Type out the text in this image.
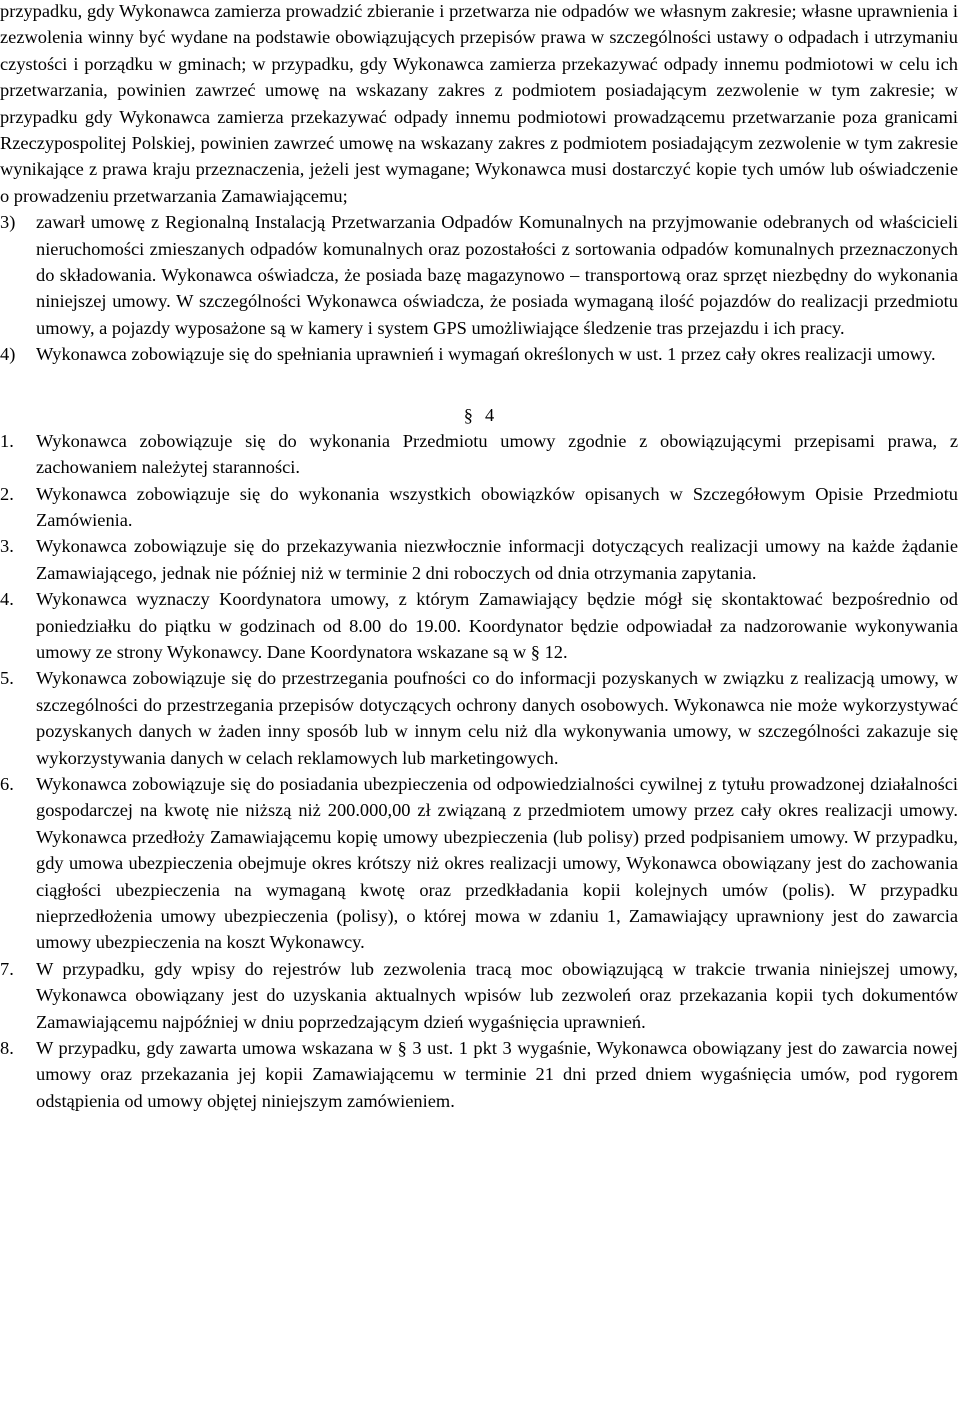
przypadku, gdy Wykonawca zamierza prowadzić zbieranie i przetwarza nie odpadów we własnym zakresie; własne uprawnienia i zezwolenia winny być wydane na podstawie obowiązujących przepisów prawa w szczególności ustawy o odpadach i utrzymaniu czystości i porządku w gminach; w przypadku, gdy Wykonawca zamierza przekazywać odpady innemu podmiotowi w celu ich przetwarzania, powinien zawrzeć umowę na wskazany zakres z podmiotem posiadającym zezwolenie w tym zakresie; w przypadku gdy Wykonawca zamierza przekazywać odpady innemu podmiotowi prowadzącemu przetwarzanie poza granicami Rzeczypospolitej Polskiej, powinien zawrzeć umowę na wskazany zakres z podmiotem posiadającym zezwolenie w tym zakresie wynikające z prawa kraju przeznaczenia, jeżeli jest wymagane; Wykonawca musi dostarczyć kopie tych umów lub oświadczenie o prowadzeniu przetwarzania Zamawiającemu;

3)	zawarł umowę z Regionalną Instalacją Przetwarzania Odpadów Komunalnych na przyjmowanie odebranych od właścicieli nieruchomości zmieszanych odpadów komunalnych oraz pozostałości z sortowania odpadów komunalnych przeznaczonych do składowania. Wykonawca oświadcza, że posiada bazę magazynowo – transportową oraz sprzęt niezbędny do wykonania niniejszej umowy. W szczególności Wykonawca oświadcza, że posiada wymaganą ilość pojazdów do realizacji przedmiotu umowy, a pojazdy wyposażone są w kamery i system GPS umożliwiające śledzenie tras przejazdu i ich pracy.
4)	Wykonawca zobowiązuje się do spełniania uprawnień i wymagań określonych w ust. 1 przez cały okres realizacji umowy.

§ 4

1.	Wykonawca zobowiązuje się do wykonania Przedmiotu umowy zgodnie z obowiązującymi przepisami prawa, z zachowaniem należytej staranności.
2.	Wykonawca zobowiązuje się do wykonania wszystkich obowiązków opisanych w Szczegółowym Opisie Przedmiotu Zamówienia.
3.	Wykonawca zobowiązuje się do przekazywania niezwłocznie informacji dotyczących realizacji umowy na każde żądanie Zamawiającego, jednak nie później niż w terminie 2 dni roboczych od dnia otrzymania zapytania.
4.	Wykonawca wyznaczy Koordynatora umowy, z którym Zamawiający będzie mógł się skontaktować bezpośrednio od poniedziałku do piątku w godzinach od 8.00 do 19.00. Koordynator będzie odpowiadał za nadzorowanie wykonywania umowy ze strony Wykonawcy. Dane Koordynatora wskazane są w § 12.
5.	Wykonawca zobowiązuje się do przestrzegania poufności co do informacji pozyskanych w związku z realizacją umowy, w szczególności do przestrzegania przepisów dotyczących ochrony danych osobowych. Wykonawca nie może wykorzystywać pozyskanych danych w żaden inny sposób lub w innym celu niż dla wykonywania umowy, w szczególności zakazuje się wykorzystywania danych w celach reklamowych lub marketingowych.
6.	Wykonawca zobowiązuje się do posiadania ubezpieczenia od odpowiedzialności cywilnej z tytułu prowadzonej działalności gospodarczej na kwotę nie niższą niż 200.000,00 zł związaną z przedmiotem umowy przez cały okres realizacji umowy. Wykonawca przedłoży Zamawiającemu kopię umowy ubezpieczenia (lub polisy) przed podpisaniem umowy. W przypadku, gdy umowa ubezpieczenia obejmuje okres krótszy niż okres realizacji umowy, Wykonawca obowiązany jest do zachowania ciągłości ubezpieczenia na wymaganą kwotę oraz przedkładania kopii kolejnych umów (polis). W przypadku nieprzedłożenia umowy ubezpieczenia (polisy), o której mowa w zdaniu 1, Zamawiający uprawniony jest do zawarcia umowy ubezpieczenia na koszt Wykonawcy.
7.	W przypadku, gdy wpisy do rejestrów lub zezwolenia tracą moc obowiązującą w trakcie trwania niniejszej umowy, Wykonawca obowiązany jest do uzyskania aktualnych wpisów lub zezwoleń oraz przekazania kopii tych dokumentów Zamawiającemu najpóźniej w dniu poprzedzającym dzień wygaśnięcia uprawnień.
8.	W przypadku, gdy zawarta umowa wskazana w § 3 ust. 1 pkt 3 wygaśnie, Wykonawca obowiązany jest do zawarcia nowej umowy oraz przekazania jej kopii Zamawiającemu w terminie 21 dni przed dniem wygaśnięcia umów, pod rygorem odstąpienia od umowy objętej niniejszym zamówieniem.
